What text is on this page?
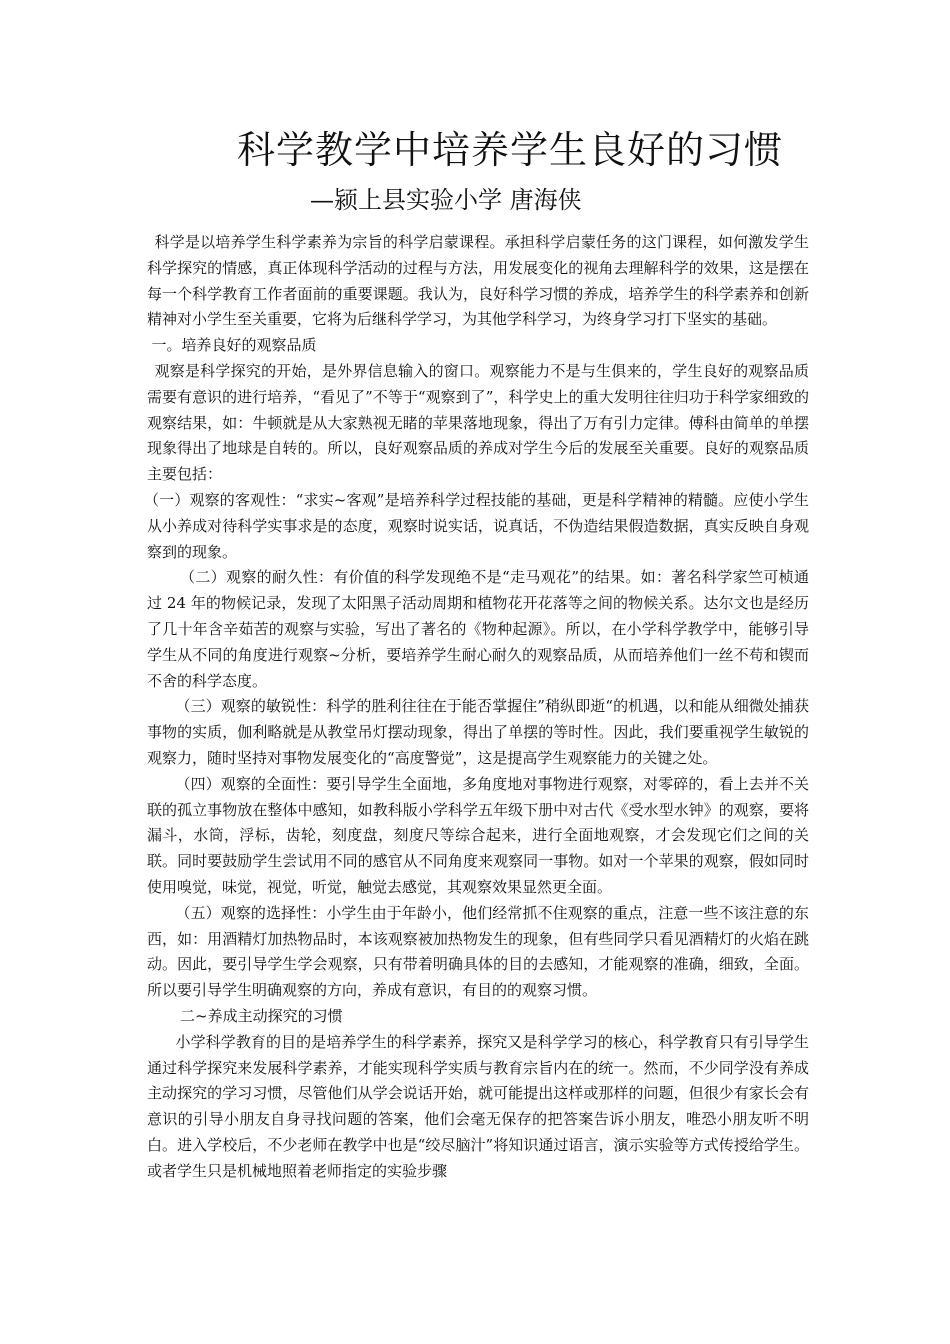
科学教学中培养学生良好的习惯
—颍上县实验小学 唐海侠

科学是以培养学生科学素养为宗旨的科学启蒙课程。承担科学启蒙任务的这门课程，如何激发学生科学探究的情感，真正体现科学活动的过程与方法，用发展变化的视角去理解科学的效果，这是摆在每一个科学教育工作者面前的重要课题。我认为，良好科学习惯的养成，培养学生的科学素养和创新精神对小学生至关重要，它将为后继科学学习，为其他学科学习，为终身学习打下坚实的基础。

一。培养良好的观察品质

观察是科学探究的开始，是外界信息输入的窗口。观察能力不是与生俱来的，学生良好的观察品质需要有意识的进行培养，“看见了”不等于“观察到了”，科学史上的重大发明往往归功于科学家细致的观察结果，如：牛顿就是从大家熟视无睹的苹果落地现象，得出了万有引力定律。傅科由简单的单摆现象得出了地球是自转的。所以，良好观察品质的养成对学生今后的发展至关重要。良好的观察品质主要包括：

（一）观察的客观性：“求实~客观”是培养科学过程技能的基础，更是科学精神的精髓。应使小学生从小养成对待科学实事求是的态度，观察时说实话，说真话，不伪造结果假造数据，真实反映自身观察到的现象。

（二）观察的耐久性：有价值的科学发现绝不是“走马观花”的结果。如：著名科学家竺可桢通过 24 年的物候记录，发现了太阳黑子活动周期和植物花开花落等之间的物候关系。达尔文也是经历了几十年含辛茹苦的观察与实验，写出了著名的《物种起源》。所以，在小学科学教学中，能够引导学生从不同的角度进行观察~分析，要培养学生耐心耐久的观察品质，从而培养他们一丝不苟和锲而不舍的科学态度。

（三）观察的敏锐性：科学的胜利往往在于能否掌握住”稍纵即逝“的机遇，以和能从细微处捕获事物的实质，伽利略就是从教堂吊灯摆动现象，得出了单摆的等时性。因此，我们要重视学生敏锐的观察力，随时坚持对事物发展变化的“高度警觉”，这是提高学生观察能力的关键之处。

（四）观察的全面性：要引导学生全面地，多角度地对事物进行观察，对零碎的，看上去并不关联的孤立事物放在整体中感知，如教科版小学科学五年级下册中对古代《受水型水钟》的观察，要将漏斗，水筒，浮标，齿轮，刻度盘，刻度尺等综合起来，进行全面地观察，才会发现它们之间的关联。同时要鼓励学生尝试用不同的感官从不同角度来观察同一事物。如对一个苹果的观察，假如同时使用嗅觉，味觉，视觉，听觉，触觉去感觉，其观察效果显然更全面。

（五）观察的选择性：小学生由于年龄小，他们经常抓不住观察的重点，注意一些不该注意的东西，如：用酒精灯加热物品时，本该观察被加热物发生的现象，但有些同学只看见酒精灯的火焰在跳动。因此，要引导学生学会观察，只有带着明确具体的目的去感知，才能观察的准确，细致，全面。所以要引导学生明确观察的方向，养成有意识，有目的的观察习惯。

二~养成主动探究的习惯

小学科学教育的目的是培养学生的科学素养，探究又是科学学习的核心，科学教育只有引导学生通过科学探究来发展科学素养，才能实现科学实质与教育宗旨内在的统一。然而，不少同学没有养成主动探究的学习习惯，尽管他们从学会说话开始，就可能提出这样或那样的问题，但很少有家长会有意识的引导小朋友自身寻找问题的答案，他们会毫无保存的把答案告诉小朋友，唯恐小朋友听不明白。进入学校后，不少老师在教学中也是“绞尽脑汁”将知识通过语言，演示实验等方式传授给学生。或者学生只是机械地照着老师指定的实验步骤
